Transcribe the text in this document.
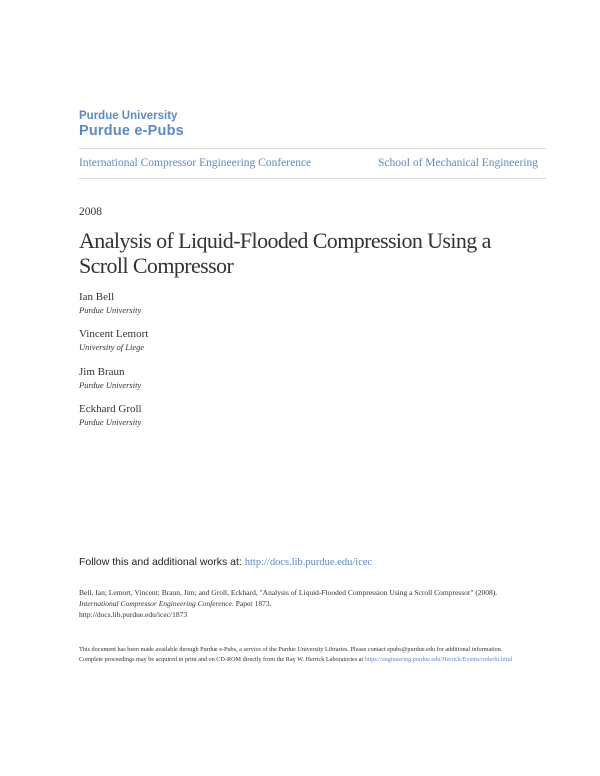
Purdue University
Purdue e-Pubs
International Compressor Engineering Conference	School of Mechanical Engineering
2008
Analysis of Liquid-Flooded Compression Using a Scroll Compressor
Ian Bell
Purdue University
Vincent Lemort
University of Liege
Jim Braun
Purdue University
Eckhard Groll
Purdue University
Follow this and additional works at: http://docs.lib.purdue.edu/icec
Bell, Ian; Lemort, Vincent; Braun, Jim; and Groll, Eckhard, "Analysis of Liquid-Flooded Compression Using a Scroll Compressor" (2008). International Compressor Engineering Conference. Paper 1873.
http://docs.lib.purdue.edu/icec/1873
This document has been made available through Purdue e-Pubs, a service of the Purdue University Libraries. Please contact epubs@purdue.edu for additional information.
Complete proceedings may be acquired in print and on CD-ROM directly from the Ray W. Herrick Laboratories at https://engineering.purdue.edu/Herrick/Events/orderlit.html
